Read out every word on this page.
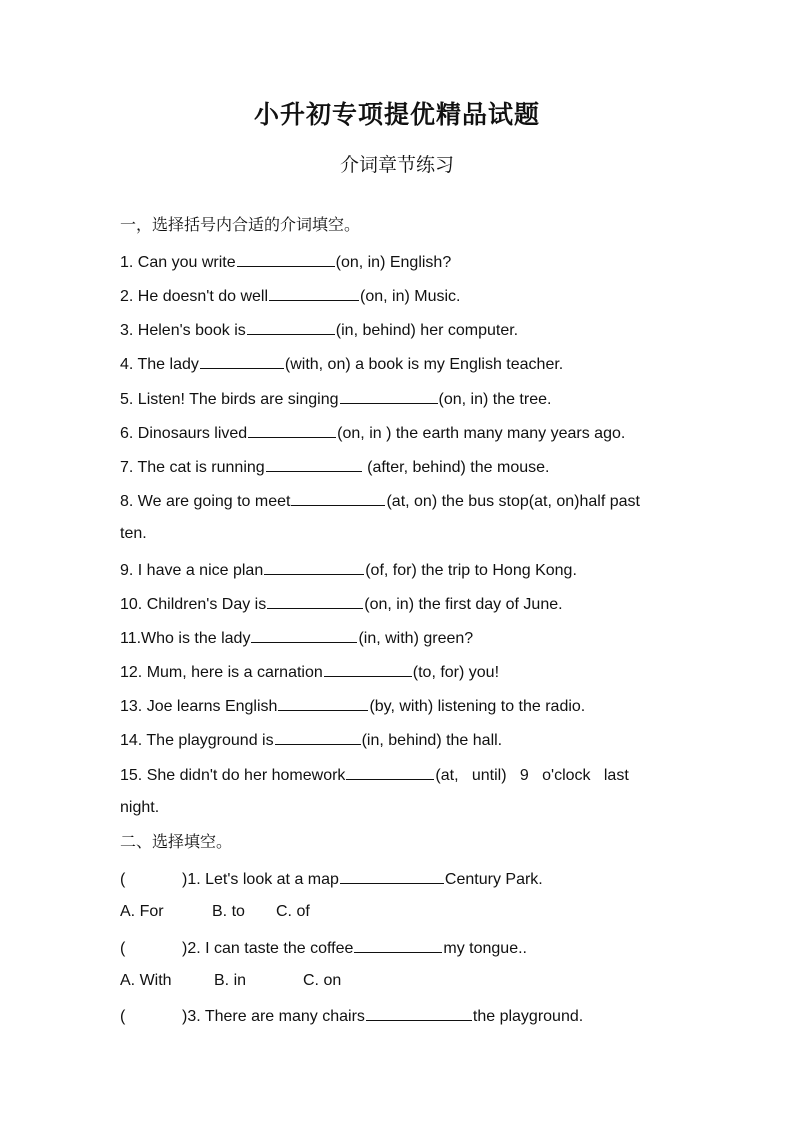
小升初专项提优精品试题
介词章节练习
一，选择括号内合适的介词填空。
1. Can you write	(on, in) English?
2. He doesn't do well	(on, in) Music.
3. Helen's book is	(in, behind) her computer.
4. The lady	(with, on) a book is my English teacher.
5. Listen! The birds are singing	(on, in) the tree.
6. Dinosaurs lived	(on, in ) the earth many many years ago.
7. The cat is running	(after, behind) the mouse.
8. We are going to meet	(at, on) the bus stop(at, on)half past
ten.
9. I have a nice plan	(of, for) the trip to Hong Kong.
10. Children's Day is	(on, in) the first day of June.
11.Who is the lady	(in, with) green?
12. Mum, here is a carnation	(to, for) you!
13. Joe learns English	(by, with) listening to the radio.
14. The playground is	(in, behind) the hall.
15. She didn't do her homework	(at,   until)   9   o'clock   last
night.
二、选择填空。
(	)1. Let's look at a map	Century Park.
A. For	B. to C. of
(	)2. I can taste the coffee	my tongue..
A. With	B. in	C. on
(	)3. There are many chairs	the playground.
